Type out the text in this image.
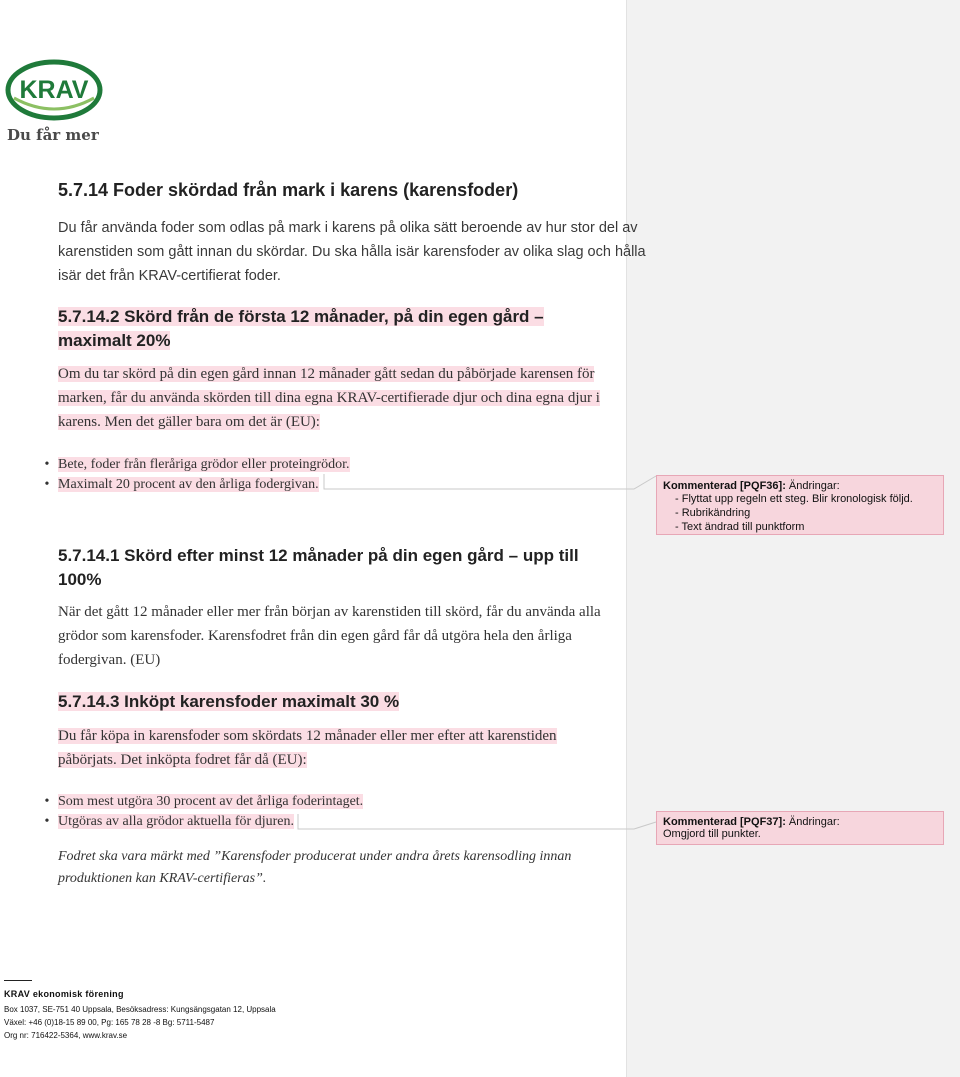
KRAV
Du får mer
5.7.14 Foder skördad från mark i karens (karensfoder)

Du får använda foder som odlas på mark i karens på olika sätt beroende av hur stor del av
karenstiden som gått innan du skördar. Du ska hålla isär karensfoder av olika slag och hålla
isär det från KRAV-certifierat foder.

5.7.14.2 Skörd från de första 12 månader, på din egen gård –
maximalt 20%

Om du tar skörd på din egen gård innan 12 månader gått sedan du påbörjade karensen för
marken, får du använda skörden till dina egna KRAV-certifierade djur och dina egna djur i
karens. Men det gäller bara om det är (EU):

• Bete, foder från fleråriga grödor eller proteingrödor.
• Maximalt 20 procent av den årliga fodergivan.
5.7.14.1 Skörd efter minst 12 månader på din egen gård – upp till
100%

När det gått 12 månader eller mer från början av karenstiden till skörd, får du använda alla
grödor som karensfoder. Karensfodret från din egen gård får då utgöra hela den årliga
fodergivan. (EU)

5.7.14.3 Inköpt karensfoder maximalt 30 %

Du får köpa in karensfoder som skördats 12 månader eller mer efter att karenstiden
påbörjats. Det inköpta fodret får då (EU):

• Som mest utgöra 30 procent av det årliga foderintaget.
• Utgöras av alla grödor aktuella för djuren.

Fodret ska vara märkt med ”Karensfoder producerat under andra årets karensodling innan
produktionen kan KRAV-certifieras”.

Kommenterad [PQF36]: Ändringar:
- Flyttat upp regeln ett steg. Blir kronologisk följd.
- Rubrikändring
- Text ändrad till punktform
Kommenterad [PQF37]: Ändringar:
Omgjord till punkter.
KRAV ekonomisk förening
Box 1037, SE-751 40 Uppsala, Besöksadress: Kungsängsgatan 12, Uppsala
Växel: +46 (0)18-15 89 00, Pg: 165 78 28 -8 Bg: 5711-5487
Org nr: 716422-5364, www.krav.se
